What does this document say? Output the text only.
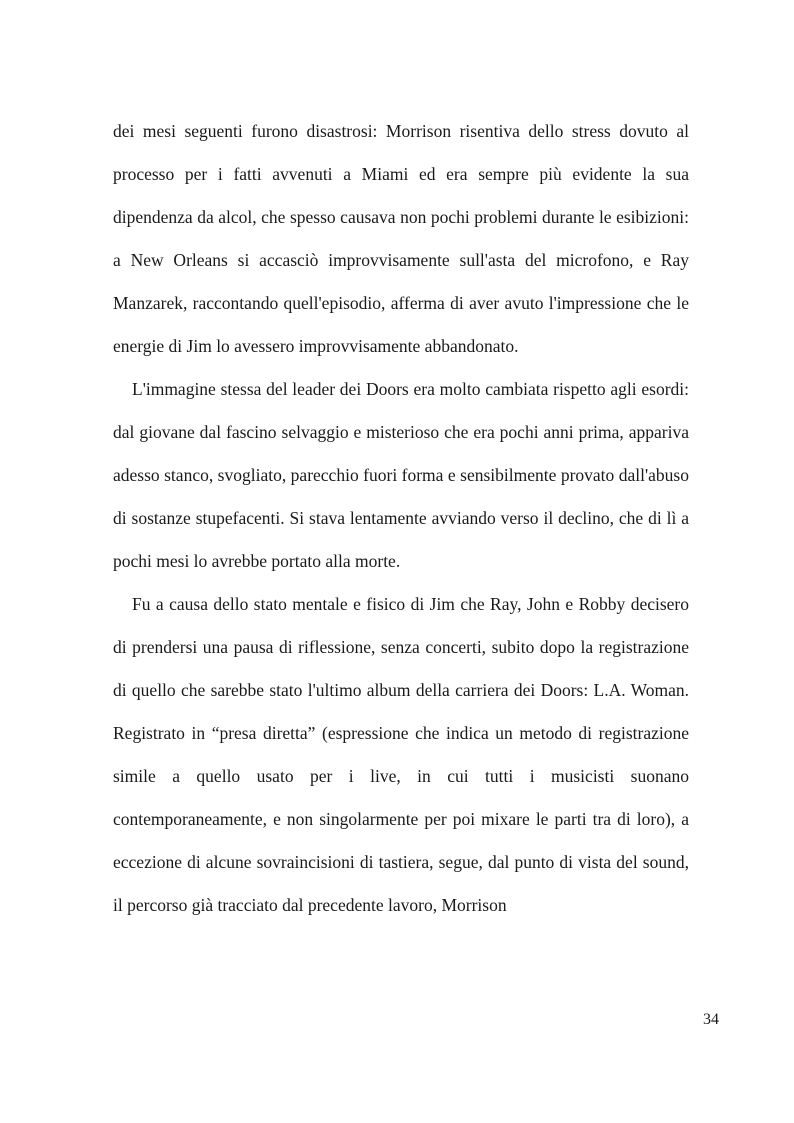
dei mesi seguenti furono disastrosi: Morrison risentiva dello stress dovuto al processo per i fatti avvenuti a Miami ed era sempre più evidente la sua dipendenza da alcol, che spesso causava non pochi problemi durante le esibizioni: a New Orleans si accasciò improvvisamente sull'asta del microfono, e Ray Manzarek, raccontando quell'episodio, afferma di aver avuto l'impressione che le energie di Jim lo avessero improvvisamente abbandonato.

L'immagine stessa del leader dei Doors era molto cambiata rispetto agli esordi: dal giovane dal fascino selvaggio e misterioso che era pochi anni prima, appariva adesso stanco, svogliato, parecchio fuori forma e sensibilmente provato dall'abuso di sostanze stupefacenti. Si stava lentamente avviando verso il declino, che di lì a pochi mesi lo avrebbe portato alla morte.

Fu a causa dello stato mentale e fisico di Jim che Ray, John e Robby decisero di prendersi una pausa di riflessione, senza concerti, subito dopo la registrazione di quello che sarebbe stato l'ultimo album della carriera dei Doors: L.A. Woman. Registrato in “presa diretta” (espressione che indica un metodo di registrazione simile a quello usato per i live, in cui tutti i musicisti suonano contemporaneamente, e non singolarmente per poi mixare le parti tra di loro), a eccezione di alcune sovraincisioni di tastiera, segue, dal punto di vista del sound, il percorso già tracciato dal precedente lavoro, Morrison

34
